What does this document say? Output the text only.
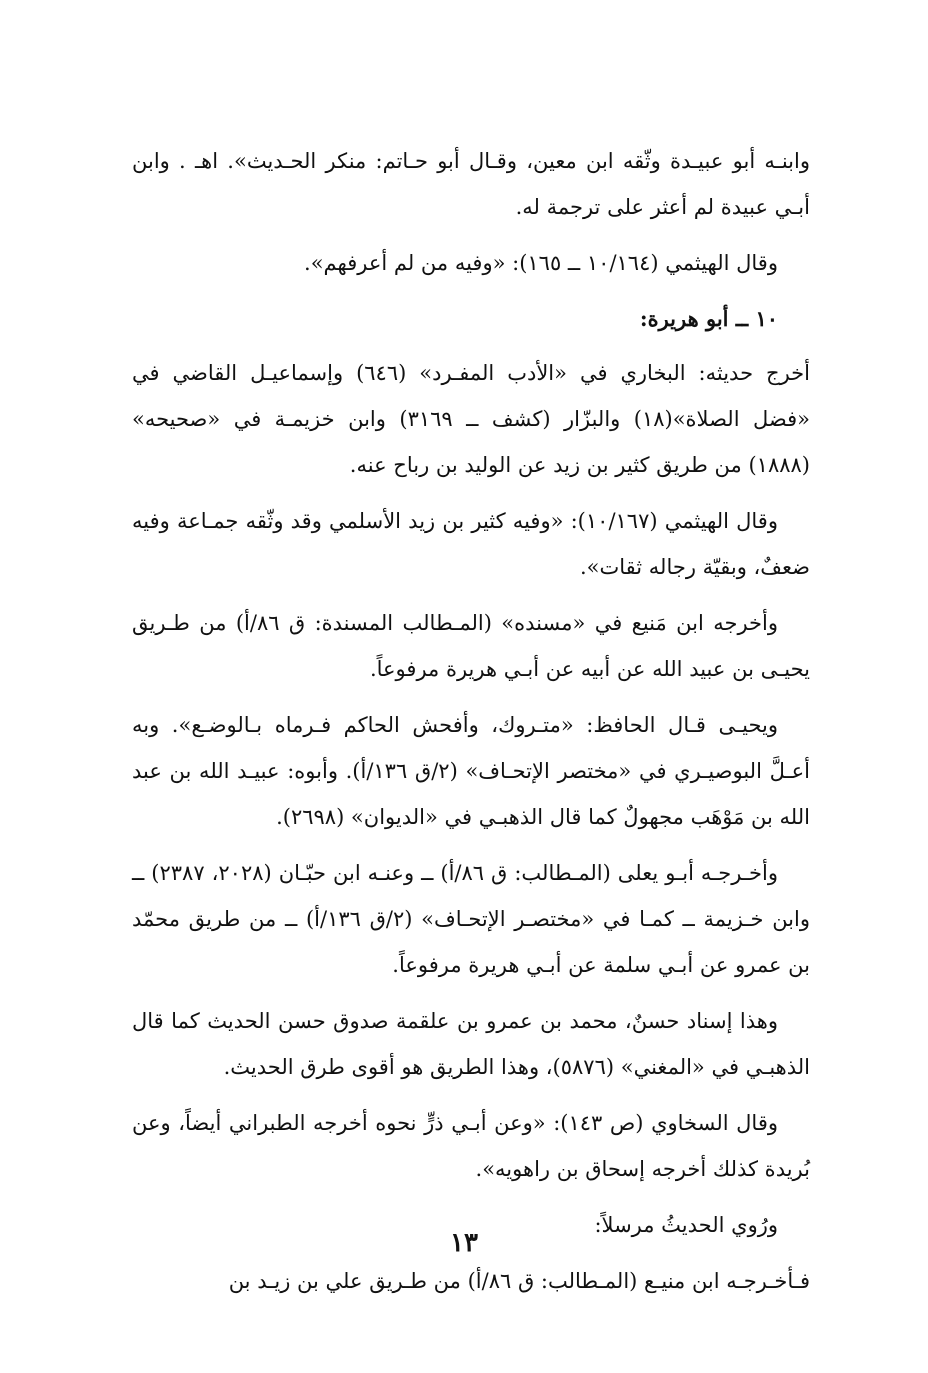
وابنـه أبو عبيـدة وثّقه ابن معين، وقـال أبو حـاتم: منكر الحـديث». اهـ . وابن أبـي عبيدة لم أعثر على ترجمة له.

وقال الهيثمي (١٠/١٦٤ ــ ١٦٥): «وفيه من لم أعرفهم».

١٠ ــ أبو هريرة:

أخرج حديثه: البخاري في «الأدب المفـرد» (٦٤٦) وإسماعيـل القاضي في «فضل الصلاة»(١٨) والبزّار (كشف ــ ٣١٦٩) وابن خزيمـة في «صحيحه» (١٨٨٨) من طريق كثير بن زيد عن الوليد بن رباح عنه.

وقال الهيثمي (١٠/١٦٧): «وفيه كثير بن زيد الأسلمي وقد وثّقه جمـاعة وفيه ضعفٌ، وبقيّة رجاله ثقات».

وأخرجه ابن مَنيع في «مسنده» (المـطالب المسندة: ق ٨٦/أ) من طـريق يحيـى بن عبيد الله عن أبيه عن أبـي هريرة مرفوعاً.

ويحيـى قـال الحافظ: «متـروك، وأفحش الحاكم فـرماه بـالوضـع». وبه أعـلَّ البوصيـري في «مختصر الإتحـاف» (٢/ق ١٣٦/أ). وأبوه: عبيـد الله بن عبد الله بن مَوْهَب مجهولٌ كما قال الذهبـي في «الديوان» (٢٦٩٨).

وأخـرجـه أبـو يعلى (المـطالب: ق ٨٦/أ) ــ وعنـه ابن حبّـان (٢٠٢٨، ٢٣٨٧) ــ وابن خـزيمة ــ كمـا في «مختصـر الإتحـاف» (٢/ق ١٣٦/أ) ــ من طريق محمّد بن عمرو عن أبـي سلمة عن أبـي هريرة مرفوعاً.

وهذا إسناد حسنٌ، محمد بن عمرو بن علقمة صدوق حسن الحديث كما قال الذهبـي في «المغني» (٥٨٧٦)، وهذا الطريق هو أقوى طرق الحديث.

وقال السخاوي (ص ١٤٣): «وعن أبـي ذرٍّ نحوه أخرجه الطبراني أيضاً، وعن بُريدة كذلك أخرجه إسحاق بن راهويه».

ورُوي الحديثُ مرسلاً:

فـأخـرجـه ابن منيـع (المـطالب: ق ٨٦/أ) من طـريق علي بن زيـد بن

١٣
